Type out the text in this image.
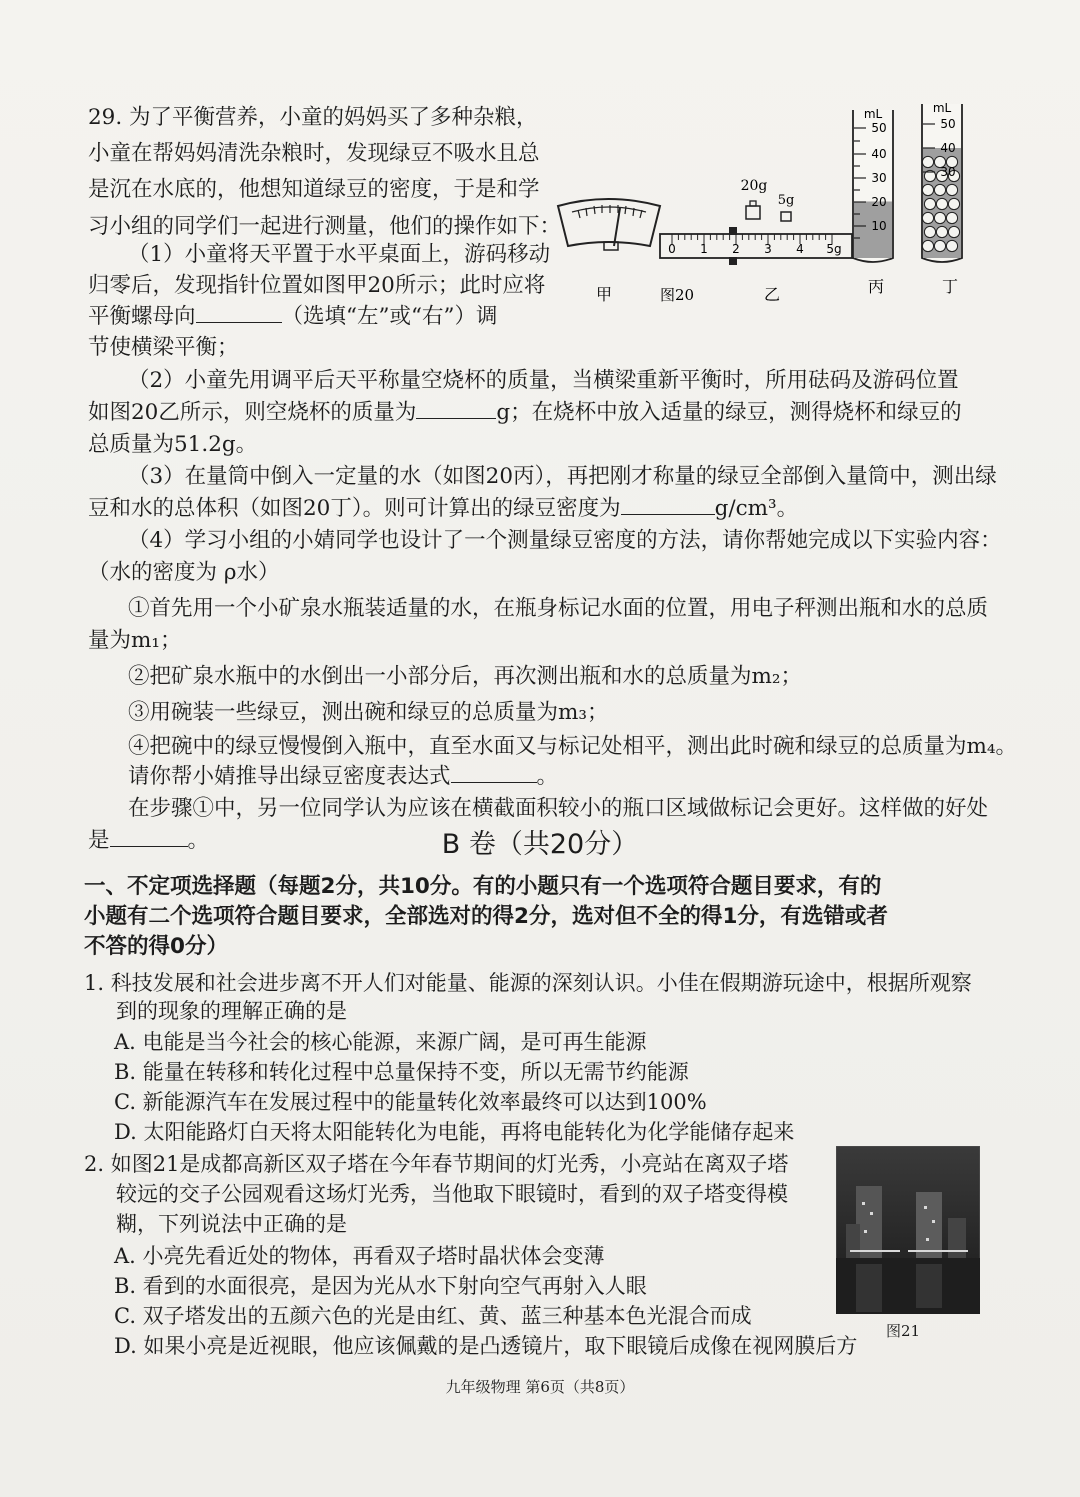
29. 为了平衡营养，小童的妈妈买了多种杂粮，
小童在帮妈妈清洗杂粮时，发现绿豆不吸水且总
是沉在水底的，他想知道绿豆的密度，于是和学
习小组的同学们一起进行测量，他们的操作如下：
（1）小童将天平置于水平桌面上，游码移动
归零后，发现指针位置如图甲20所示；此时应将
平衡螺母向	（选填“左”或“右”）调
节使横梁平衡；
（2）小童先用调平后天平称量空烧杯的质量，当横梁重新平衡时，所用砝码及游码位置
如图20乙所示，则空烧杯的质量为	g；在烧杯中放入适量的绿豆，测得烧杯和绿豆的
总质量为51.2g。
（3）在量筒中倒入一定量的水（如图20丙），再把刚才称量的绿豆全部倒入量筒中，测出绿
豆和水的总体积（如图20丁）。则可计算出的绿豆密度为	g/cm³。
（4）学习小组的小婧同学也设计了一个测量绿豆密度的方法，请你帮她完成以下实验内容：
（水的密度为 ρ水）
①首先用一个小矿泉水瓶装适量的水，在瓶身标记水面的位置，用电子秤测出瓶和水的总质
量为m₁；
②把矿泉水瓶中的水倒出一小部分后，再次测出瓶和水的总质量为m₂；
③用碗装一些绿豆，测出碗和绿豆的总质量为m₃；
④把碗中的绿豆慢慢倒入瓶中，直至水面又与标记处相平，测出此时碗和绿豆的总质量为m₄。
请你帮小婧推导出绿豆密度表达式	。
在步骤①中，另一位同学认为应该在横截面积较小的瓶口区域做标记会更好。这样做的好处
是	。
20g
5g
0 1 2 3 4 5g
mL
50
40
30
20
10
mL
50
40
30
甲	图20	乙	丙	丁
B 卷（共20分）
一、不定项选择题（每题2分，共10分。有的小题只有一个选项符合题目要求，有的
小题有二个选项符合题目要求，全部选对的得2分，选对但不全的得1分，有选错或者
不答的得0分）
1. 科技发展和社会进步离不开人们对能量、能源的深刻认识。小佳在假期游玩途中，根据所观察
到的现象的理解正确的是
A. 电能是当今社会的核心能源，来源广阔，是可再生能源
B. 能量在转移和转化过程中总量保持不变，所以无需节约能源
C. 新能源汽车在发展过程中的能量转化效率最终可以达到100%
D. 太阳能路灯白天将太阳能转化为电能，再将电能转化为化学能储存起来
2. 如图21是成都高新区双子塔在今年春节期间的灯光秀，小亮站在离双子塔
较远的交子公园观看这场灯光秀，当他取下眼镜时，看到的双子塔变得模
糊，下列说法中正确的是
A. 小亮先看近处的物体，再看双子塔时晶状体会变薄
B. 看到的水面很亮，是因为光从水下射向空气再射入人眼
C. 双子塔发出的五颜六色的光是由红、黄、蓝三种基本色光混合而成
D. 如果小亮是近视眼，他应该佩戴的是凸透镜片，取下眼镜后成像在视网膜后方
图21
九年级物理 第6页（共8页）
